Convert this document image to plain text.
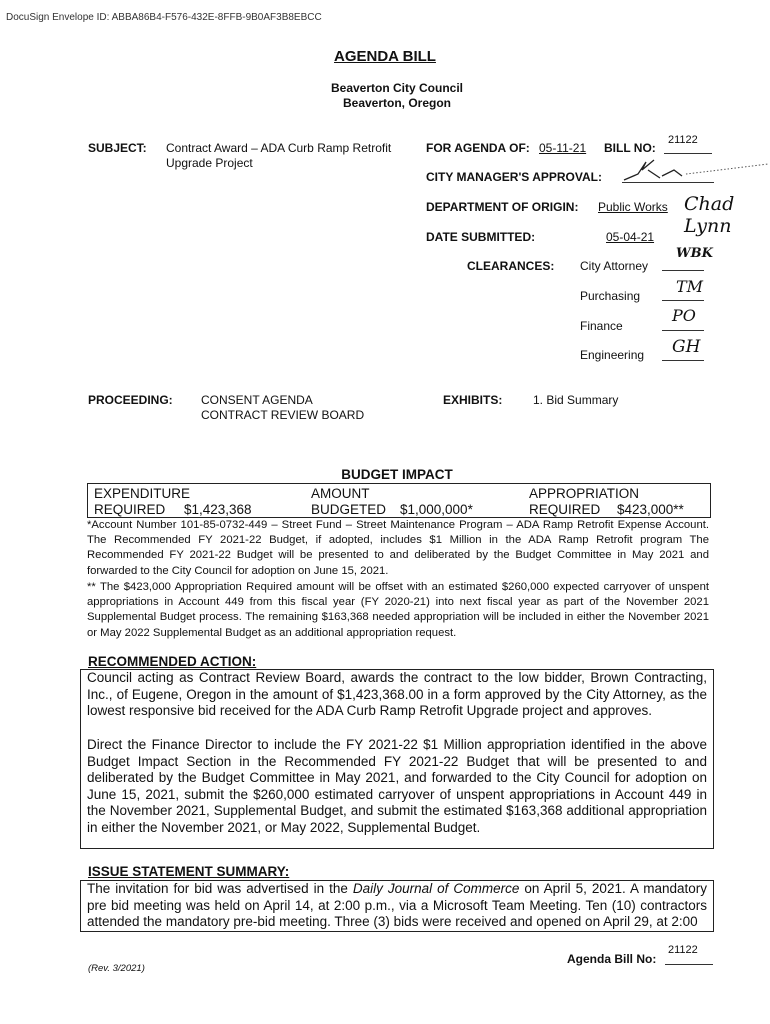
DocuSign Envelope ID: ABBA86B4-F576-432E-8FFB-9B0AF3B8EBCC
AGENDA BILL
Beaverton City Council
Beaverton, Oregon
SUBJECT: Contract Award – ADA Curb Ramp Retrofit
Upgrade Project
FOR AGENDA OF: 05-11-21 BILL NO:
21122
CITY MANAGER'S APPROVAL:
DEPARTMENT OF ORIGIN: Public Works Chad Lynn
DATE SUBMITTED:	05-04-21
CLEARANCES: City Attorney
WBK
Purchasing TM
Finance
PO
Engineering GH
PROCEEDING: CONSENT AGENDA
CONTRACT REVIEW BOARD
EXHIBITS:	1. Bid Summary
BUDGET IMPACT
EXPENDITURE
REQUIRED $1,423,368
AMOUNT
BUDGETED $1,000,000*
APPROPRIATION
REQUIRED $423,000**
*Account Number 101-85-0732-449 – Street Fund – Street Maintenance Program – ADA Ramp Retrofit Expense Account. The Recommended FY 2021-22 Budget, if adopted, includes $1 Million in the ADA Ramp Retrofit program The Recommended FY 2021-22 Budget will be presented to and deliberated by the Budget Committee in May 2021 and forwarded to the City Council for adoption on June 15, 2021.
** The $423,000 Appropriation Required amount will be offset with an estimated $260,000 expected carryover of unspent appropriations in Account 449 from this fiscal year (FY 2020-21) into next fiscal year as part of the November 2021 Supplemental Budget process. The remaining $163,368 needed appropriation will be included in either the November 2021 or May 2022 Supplemental Budget as an additional appropriation request.
RECOMMENDED ACTION:
Council acting as Contract Review Board, awards the contract to the low bidder, Brown Contracting, Inc., of Eugene, Oregon in the amount of $1,423,368.00 in a form approved by the City Attorney, as the lowest responsive bid received for the ADA Curb Ramp Retrofit Upgrade project and approves.
Direct the Finance Director to include the FY 2021-22 $1 Million appropriation identified in the above Budget Impact Section in the Recommended FY 2021-22 Budget that will be presented to and deliberated by the Budget Committee in May 2021, and forwarded to the City Council for adoption on June 15, 2021, submit the $260,000 estimated carryover of unspent appropriations in Account 449 in the November 2021, Supplemental Budget, and submit the estimated $163,368 additional appropriation in either the November 2021, or May 2022, Supplemental Budget.
ISSUE STATEMENT SUMMARY:
The invitation for bid was advertised in the Daily Journal of Commerce on April 5, 2021. A mandatory pre bid meeting was held on April 14, at 2:00 p.m., via a Microsoft Team Meeting. Ten (10) contractors attended the mandatory pre-bid meeting. Three (3) bids were received and opened on April 29, at 2:00
Agenda Bill No:
21122
(Rev. 3/2021)
